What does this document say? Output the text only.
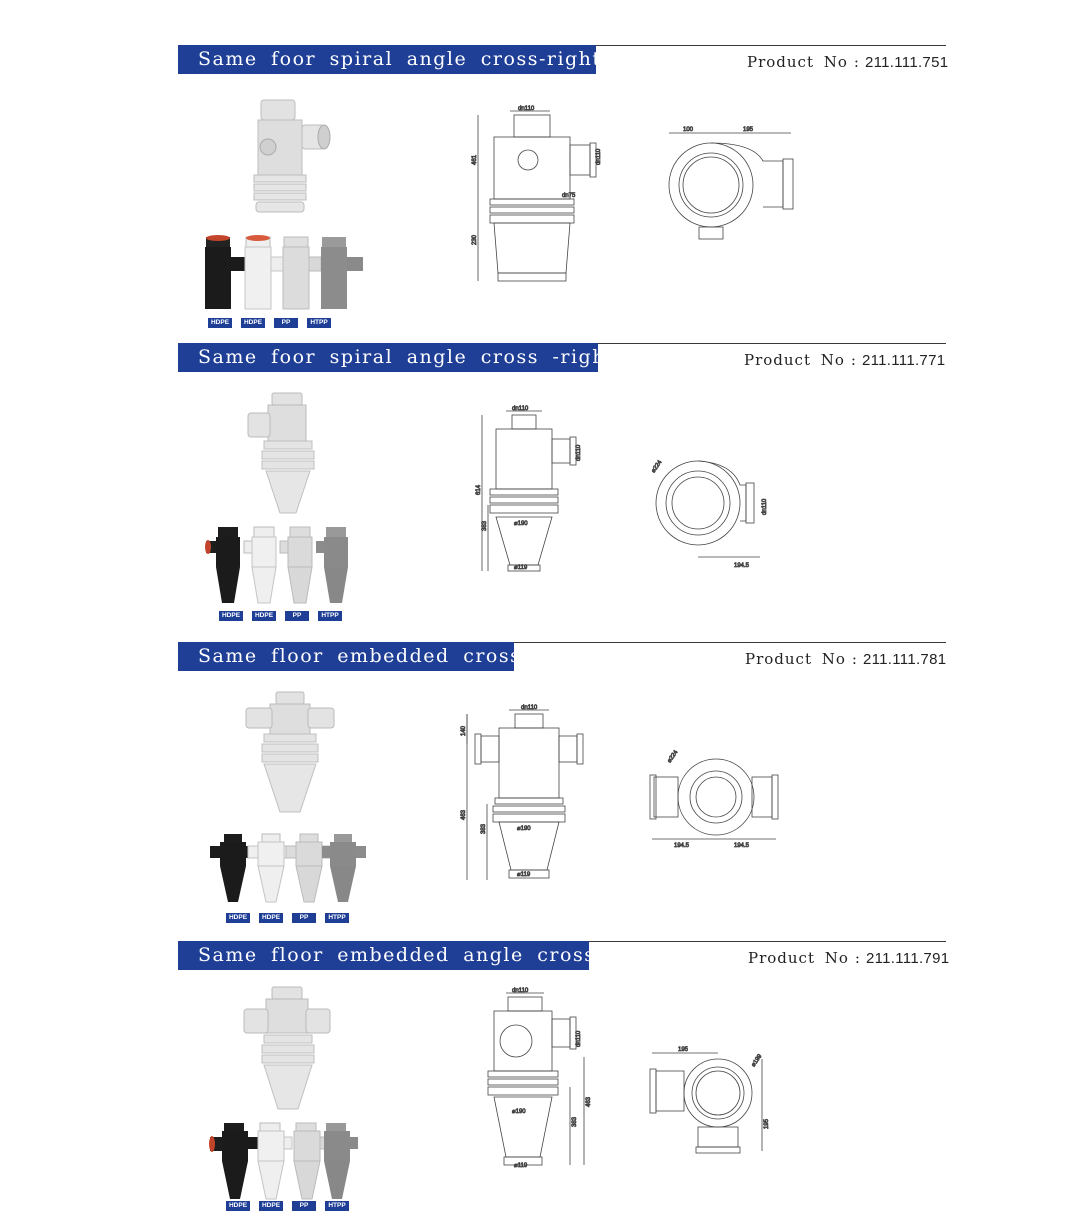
Same foor spiral angle cross-right	Product No : 211.111.751
HDPE	HDPE	PP	HTPP
dn110
dn110
dn75
461
230
100	195
Same foor spiral angle cross -right	Product No : 211.111.771
HDPE	HDPE	PP	HTPP
dn110
dn110
⌀190
⌀119
614
383
⌀224
dn110
194.5
Same floor embedded cross	Product No : 211.111.781
HDPE	HDPE	PP	HTPP
dn110
⌀190
⌀119
140
463
383
⌀224
194.5	194.5
Same floor embedded angle cross	Product No : 211.111.791
HDPE	HDPE	PP	HTPP
dn110
dn110
⌀190
⌀119
463
383
195
⌀199
195
